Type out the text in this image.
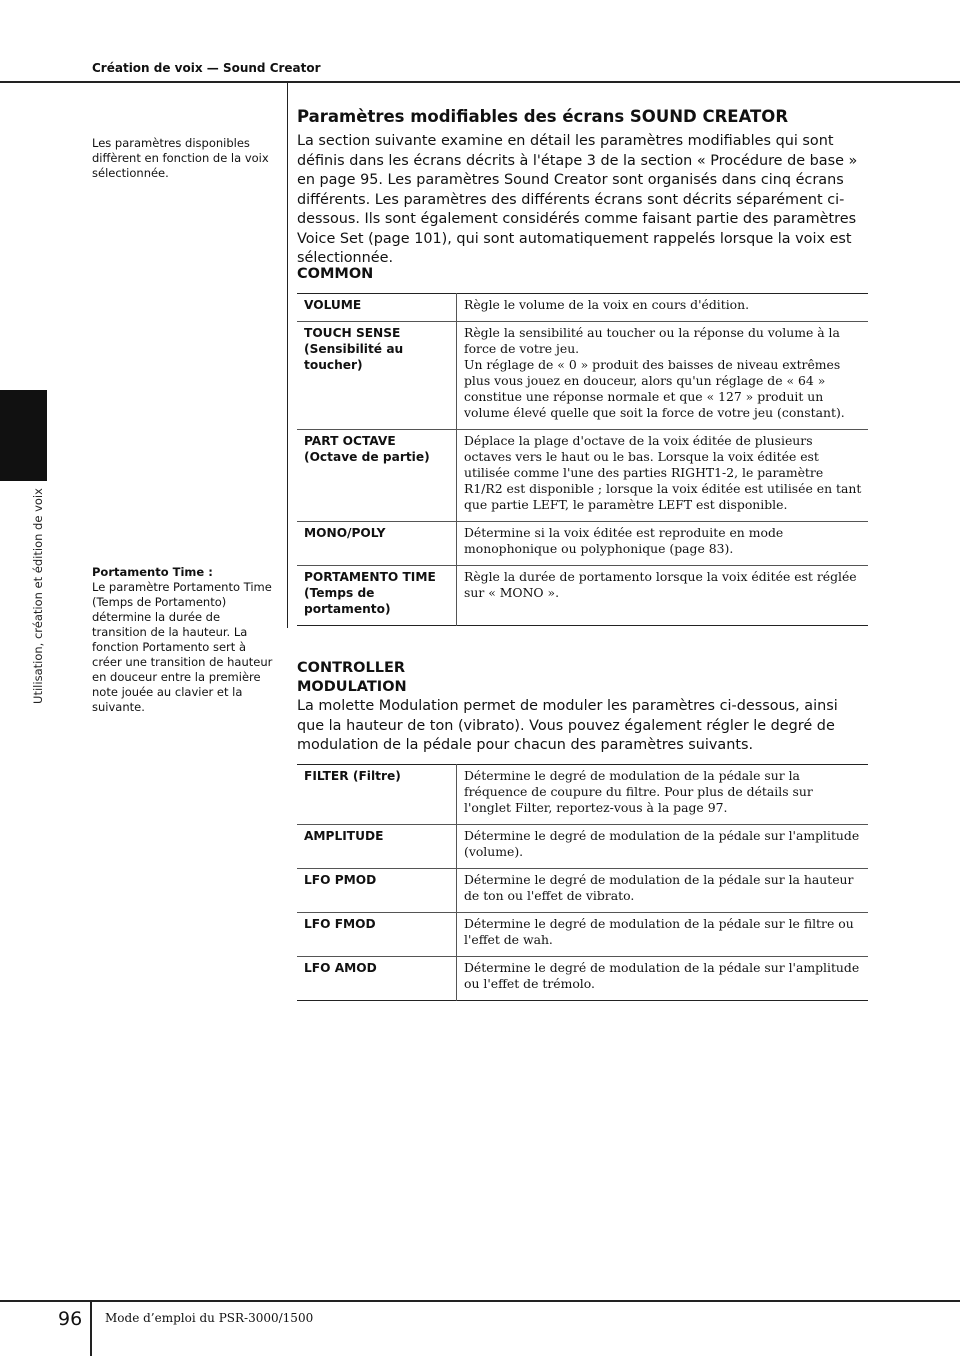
Création de voix — Sound Creator
Utilisation, création et édition de voix
Les paramètres disponibles diffèrent en fonction de la voix sélectionnée.
Portamento Time :
Le paramètre Portamento Time (Temps de Portamento) détermine la durée de transition de la hauteur. La fonction Portamento sert à créer une transition de hauteur en douceur entre la première note jouée au clavier et la suivante.
Paramètres modifiables des écrans SOUND CREATOR
La section suivante examine en détail les paramètres modifiables qui sont définis dans les écrans décrits à l'étape 3 de la section « Procédure de base » en page 95. Les paramètres Sound Creator sont organisés dans cinq écrans différents. Les paramètres des différents écrans sont décrits séparément ci-dessous. Ils sont également considérés comme faisant partie des paramètres Voice Set (page 101), qui sont automatiquement rappelés lorsque la voix est sélectionnée.
COMMON
VOLUME	Règle le volume de la voix en cours d'édition.
TOUCH SENSE (Sensibilité au toucher)	Règle la sensibilité au toucher ou la réponse du volume à la force de votre jeu.
Un réglage de « 0 » produit des baisses de niveau extrêmes plus vous jouez en douceur, alors qu'un réglage de « 64 » constitue une réponse normale et que « 127 » produit un volume élevé quelle que soit la force de votre jeu (constant).
PART OCTAVE (Octave de partie)	Déplace la plage d'octave de la voix éditée de plusieurs octaves vers le haut ou le bas. Lorsque la voix éditée est utilisée comme l'une des parties RIGHT1-2, le paramètre R1/R2 est disponible ; lorsque la voix éditée est utilisée en tant que partie LEFT, le paramètre LEFT est disponible.
MONO/POLY	Détermine si la voix éditée est reproduite en mode monophonique ou polyphonique (page 83).
PORTAMENTO TIME (Temps de portamento)	Règle la durée de portamento lorsque la voix éditée est réglée sur « MONO ».
CONTROLLER
MODULATION
La molette Modulation permet de moduler les paramètres ci-dessous, ainsi que la hauteur de ton (vibrato). Vous pouvez également régler le degré de modulation de la pédale pour chacun des paramètres suivants.
FILTER (Filtre)	Détermine le degré de modulation de la pédale sur la fréquence de coupure du filtre. Pour plus de détails sur l'onglet Filter, reportez-vous à la page 97.
AMPLITUDE	Détermine le degré de modulation de la pédale sur l'amplitude (volume).
LFO PMOD	Détermine le degré de modulation de la pédale sur la hauteur de ton ou l'effet de vibrato.
LFO FMOD	Détermine le degré de modulation de la pédale sur le filtre ou l'effet de wah.
LFO AMOD	Détermine le degré de modulation de la pédale sur l'amplitude ou l'effet de trémolo.
96 Mode d’emploi du PSR-3000/1500
